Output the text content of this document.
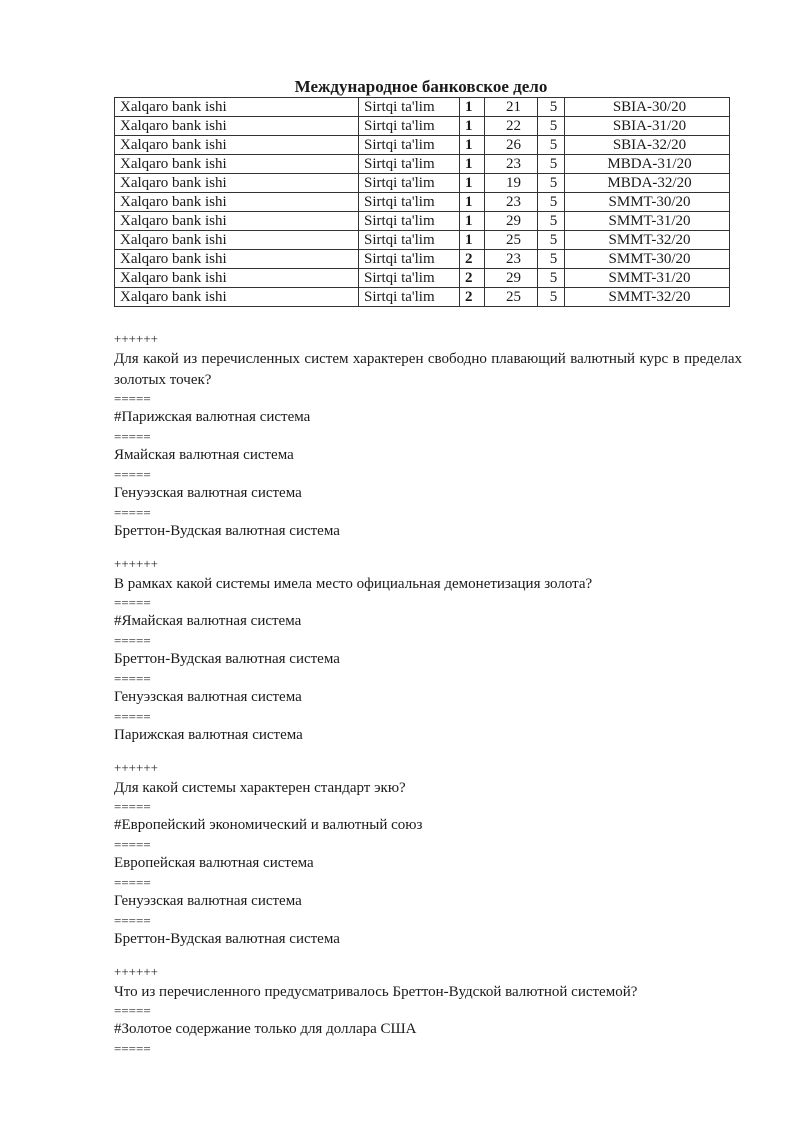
Международное банковское дело
Xalqaro bank ishi	Sirtqi ta'lim	1	21	5	SBIA-30/20
Xalqaro bank ishi	Sirtqi ta'lim	1	22	5	SBIA-31/20
Xalqaro bank ishi	Sirtqi ta'lim	1	26	5	SBIA-32/20
Xalqaro bank ishi	Sirtqi ta'lim	1	23	5	MBDA-31/20
Xalqaro bank ishi	Sirtqi ta'lim	1	19	5	MBDA-32/20
Xalqaro bank ishi	Sirtqi ta'lim	1	23	5	SMMT-30/20
Xalqaro bank ishi	Sirtqi ta'lim	1	29	5	SMMT-31/20
Xalqaro bank ishi	Sirtqi ta'lim	1	25	5	SMMT-32/20
Xalqaro bank ishi	Sirtqi ta'lim	2	23	5	SMMT-30/20
Xalqaro bank ishi	Sirtqi ta'lim	2	29	5	SMMT-31/20
Xalqaro bank ishi	Sirtqi ta'lim	2	25	5	SMMT-32/20
++++++
Для какой из перечисленных систем характерен свободно плавающий валютный курс в пределах золотых точек?
=====
#Парижская валютная система
=====
Ямайская валютная система
=====
Генуэзская валютная система
=====
Бреттон-Вудская валютная система
++++++
В рамках какой системы имела место официальная демонетизация золота?
=====
#Ямайская валютная система
=====
Бреттон-Вудская валютная система
=====
Генуэзская валютная система
=====
Парижская валютная система
++++++
Для какой системы характерен стандарт экю?
=====
#Европейский экономический и валютный союз
=====
Европейская валютная система
=====
Генуэзская валютная система
=====
Бреттон-Вудская валютная система
++++++
Что из перечисленного предусматривалось Бреттон-Вудской валютной системой?
=====
#Золотое содержание только для доллара США
=====
